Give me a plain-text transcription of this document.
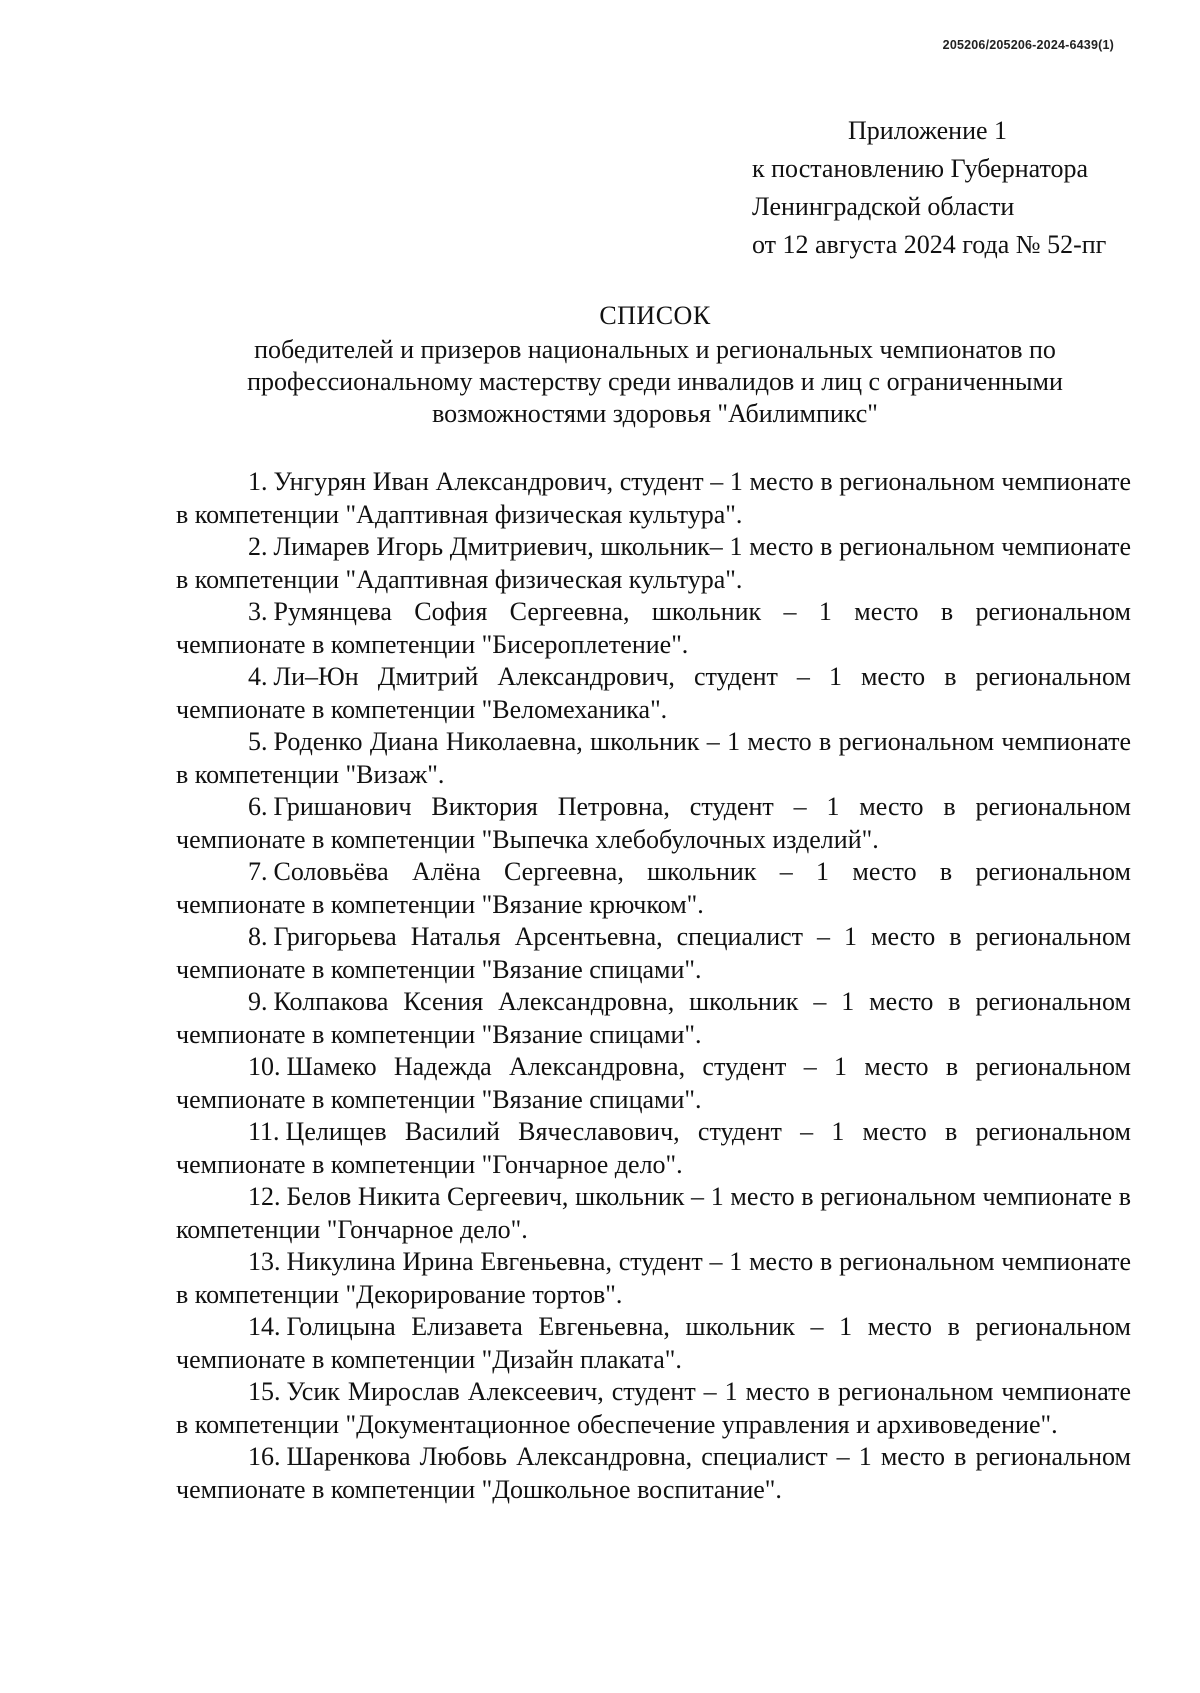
205206/205206-2024-6439(1)
Приложение 1
к постановлению Губернатора
Ленинградской области
от 12 августа 2024 года № 52-пг
СПИСОК
победителей и призеров национальных и региональных чемпионатов по профессиональному мастерству среди инвалидов и лиц с ограниченными возможностями здоровья "Абилимпикс"

1. Унгурян Иван Александрович, студент – 1 место в региональном чемпионате в компетенции "Адаптивная физическая культура".

2. Лимарев Игорь Дмитриевич, школьник– 1 место в региональном чемпионате в компетенции "Адаптивная физическая культура".

3. Румянцева София Сергеевна, школьник – 1 место в региональном чемпионате в компетенции "Бисероплетение".

4. Ли–Юн Дмитрий Александрович, студент – 1 место в региональном чемпионате в компетенции "Веломеханика".

5. Роденко Диана Николаевна, школьник – 1 место в региональном чемпионате в компетенции "Визаж".

6. Гришанович Виктория Петровна, студент – 1 место в региональном чемпионате в компетенции "Выпечка хлебобулочных изделий".

7. Соловьёва Алёна Сергеевна, школьник – 1 место в региональном чемпионате в компетенции "Вязание крючком".

8. Григорьева Наталья Арсентьевна, специалист – 1 место в региональном чемпионате в компетенции "Вязание спицами".

9. Колпакова Ксения Александровна, школьник – 1 место в региональном чемпионате в компетенции "Вязание спицами".

10. Шамеко Надежда Александровна, студент – 1 место в региональном чемпионате в компетенции "Вязание спицами".

11. Целищев Василий Вячеславович, студент – 1 место в региональном чемпионате в компетенции "Гончарное дело".

12. Белов Никита Сергеевич, школьник – 1 место в региональном чемпионате в компетенции "Гончарное дело".

13. Никулина Ирина Евгеньевна, студент – 1 место в региональном чемпионате в компетенции "Декорирование тортов".

14. Голицына Елизавета Евгеньевна, школьник – 1 место в региональном чемпионате в компетенции "Дизайн плаката".

15. Усик Мирослав Алексеевич, студент – 1 место в региональном чемпионате в компетенции "Документационное обеспечение управления и архивоведение".

16. Шаренкова Любовь Александровна, специалист – 1 место в региональном чемпионате в компетенции "Дошкольное воспитание".
